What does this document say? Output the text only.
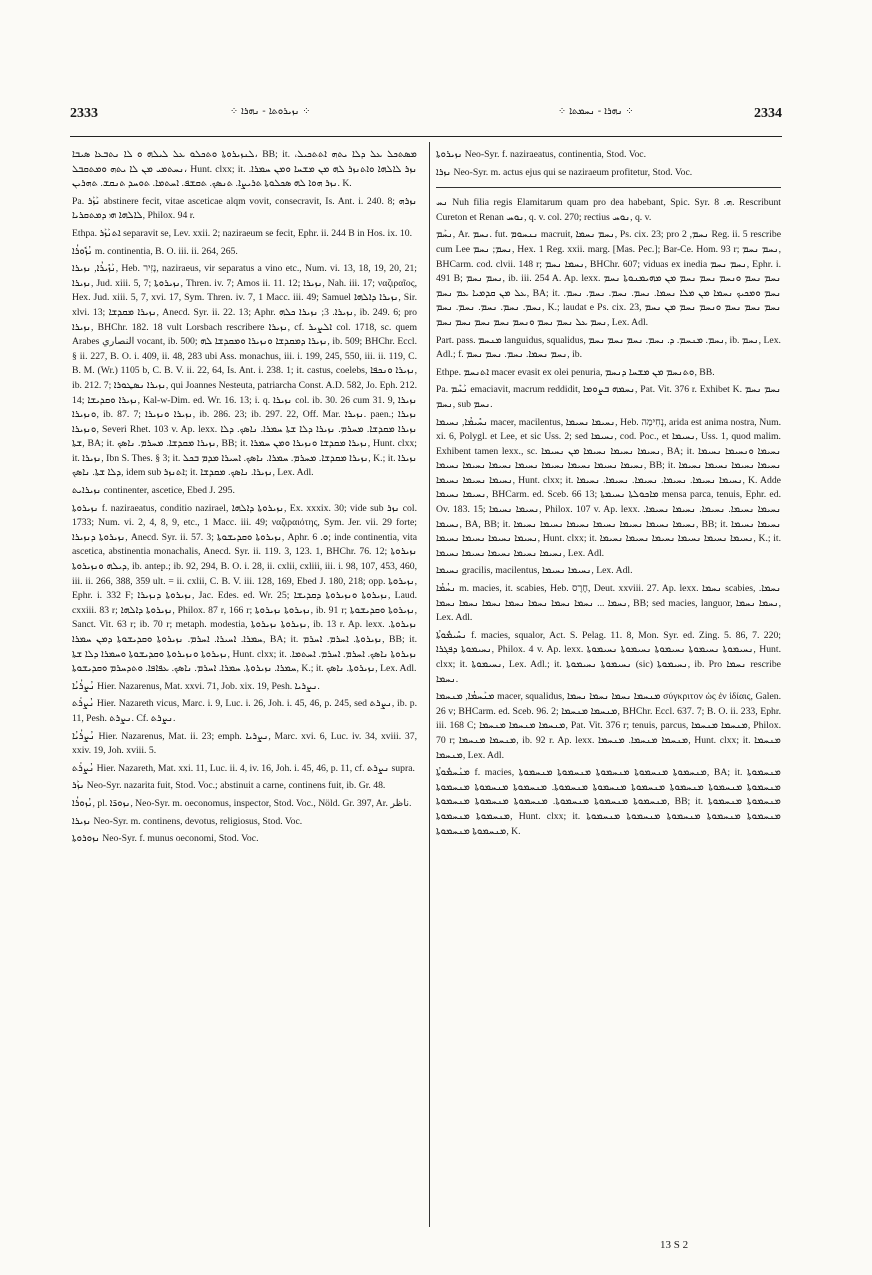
2333	⁘ ܢܙܝܪܘܬܐ - ܢܗܪܐ ⁘	⁘ ܢܗܪܐ - ܢܚܡܬܐ ⁘	2334

ܠܢܙܝܪܘܬܐ ܘܬܟܠܘ ܥܠ ܠܝܠܗ ܘ ܠܐ ܢܬܒܥܐ ܣܝܒܐ، BB; it. ܡܣܬܟܠ ܥܠ ܕܠܐ ܝܬܗ ܐܬܬܟܝܠ، ܢܚܬܡܝ ܡܢ ܠܐ ܝܬܗ ܘܡܬܩܒܠ، Hunt. clxx; it. ܢܙܪ ܠܐܠܗܐ ܘܐܬܢܙܪ ܠܗ ܡܢ ܡܫܚܐ ܘܡܢ ܚܡܪܐ. ܢܙܪ ܗܘܐ ܠܗ ܣܟܠܘܬܐ ܬܪܝܨܐ. ܬܢܣܟ. ܬܩܫܦ. ܐܚܬܡܐ. ܬܘܚܕ ܬܢܩܫ. ܬܗܪܝܢ. K.

Pa. ܢܰܙܰܪ abstinere fecit, vitae asceticae alqm vovit, consecravit, Is. Ant. i. 240. 8; ܢܙܪܗ ܠܐܠܗܐ ܗܝ ܕܡܬܩܪܝܐ, Philox. 94 r.

Ethpa. ܐܬܢܰܙܰܪ separavit se, Lev. xxii. 2; naziraeum se fecit, Ephr. ii. 244 B in Hos. ix. 10.

ܢܳܙܽܘܪܳܐ m. continentia, B. O. iii. ii. 264, 265.

ܢܰܙܺܝܪܳܐ, ܢܙܝܪܐ, Heb. נָזִיר, naziraeus, vir separatus a vino etc., Num. vi. 13, 18, 19, 20, 21; ܢܙܝܪܐ, Jud. xiii. 5, 7; ܢܙܝܪܘܬܐ, Thren. iv. 7; Amos ii. 11. 12; ܢܙܝܪܐ, Nah. iii. 17; ναζιραῖος, Hex. Jud. xiii. 5, 7, xvi. 17, Sym. Thren. iv. 7, 1 Macc. iii. 49; Samuel ܢܙܝܪܐ ܕܐܠܗܐ, Sir. xlvi. 13; ܢܙܝܪܐ ܡܩܕܫܐ, Anecd. Syr. ii. 22. 13; Aphr. ܢܙܝܪܐ. 3; ܢܙܝܪܐ ܟܠܗ, ib. 249. 6; pro ܢܙܝܪܐ, BHChr. 182. 18 vult Lorsbach rescribere ܢܙܝܪܐ, cf. ܐܠܨܝܪ col. 1718, sc. quem Arabes النصاري vocant, ib. 500; ܢܙܝܪܐ ܕܡܩܕܫܐ ܘܢܙܝܪܐ ܘܡܩܕܫܐ ܠܗ, ib. 509; BHChr. Eccl. § ii. 227, B. O. i. 409, ii. 48, 283 ubi Ass. monachus, iii. i. 199, 245, 550, iii. ii. 119, C. B. M. (Wr.) 1105 b, C. B. V. ii. 22, 64, Is. Ant. i. 238. 1; it. castus, coelebs, ܢܙܝܪܐ ܘܢܟܦܐ, ib. 212. 7; ܢܙܝܪܐ ܢܣܛܘܪܐ, qui Joannes Nesteuta, patriarcha Const. A.D. 582, Jo. Eph. 212. 14; ܢܙܝܪܐ ܘܩܕܝܫܐ, Kal-w-Dim. ed. Wr. 16. 13; i. q. ܢܙܝܪܐ col. ib. 30. 26 cum 31. 9, ܢܙܝܪܐ ܘܢܙܝܪܐ, ib. 87. 7; ܢܙܝܪܐ ܘܢܙܝܪܐ, ib. 286. 23; ib. 297. 22, Off. Mar. ܢܙܝܪܐ. paen.; ܢܙܝܪܐ ܘܢܙܝܪܐ, Severi Rhet. 103 v. Ap. lexx. ܢܙܝܪܐ ܡܩܕܫܐ. ܡܚܪܡ. ܢܙܝܪܐ ܕܠܐ ܫܬܐ ܚܡܪܐ. ܢܐܣܟ. ܕܠܐ ܫܬܐ, BA; it. ܢܙܝܪܐ ܡܩܕܫܐ. ܡܚܪܡ. ܢܐܣܟ, BB; it. ܢܙܝܪܐ ܡܩܕܫܐ ܘܢܙܝܪܐ ܘܡܢ ܚܡܪܐ, Hunt. clxx; it. ܢܙܝܪܐ, Ibn S. Thes. § 3; it. ܢܙܝܪܐ ܡܩܕܫܐ. ܡܚܪܡ. ܚܡܪܐ. ܢܐܣܟ. ܐܚܝܪܐ ܡܕܡ ܒܟܠ, K.; it. ܢܙܝܪܐ ܕܠܐ ܫܬܐ. ܢܐܣܟ, idem sub ܐܬܢܙܪ; it. ܢܙܝܪܐ. ܢܐܣܟ. ܡܩܕܫܐ, Lex. Adl.

ܢܙܝܪܐܝܬ continenter, ascetice, Ebed J. 295.

ܢܙܝܪܘܬܐ f. naziraeatus, conditio nazirael, ܢܙܝܪܘܬܐ ܕܐܠܗܐ, Ex. xxxix. 30; vide sub ܢܙܪ col. 1733; Num. vi. 2, 4, 8, 9, etc., 1 Macc. iii. 49; ναζιραιότης, Sym. Jer. vii. 29 forte; ܢܙܝܪܘܬܐ ܕܢܙܝܪܐ, Anecd. Syr. ii. 57. 3; ܢܙܝܪܘܬܐ ܘܩܕܝܫܘܬܐ, Aphr. ܘ. 6; inde continentia, vita ascetica, abstinentia monachalis, Anecd. Syr. ii. 119. 3, 123. 1, BHChr. 76. 12; ܢܙܝܪܘܬܐ ܕܝܠܗ ܘܢܙܝܪܘܬܐ, ib. antep.; ib. 92, 294, B. O. i. 28, ii. cxlii, cxliii, iii. i. 98, 107, 453, 460, iii. ii. 266, 388, 359 ult. = ii. cxlii, C. B. V. iii. 128, 169, Ebed J. 180, 218; opp. ܢܙܝܪܘܬܐ, Ephr. i. 332 F; ܢܙܝܪܘܬܐ ܕܢܙܝܪܐ, Jac. Edes. ed. Wr. 25; ܢܙܝܪܘܬܐ ܘܢܙܝܪܘܬܐ ܕܩܕܝܫܐ, Laud. cxxiii. 83 r; ܢܙܝܪܘܬܐ ܕܐܠܗܐ, Philox. 87 r, 166 r; ܢܙܝܪܘܬܐ ܢܙܝܪܘܬܐ, ib. 91 r; ܢܙܝܪܘܬܐ ܘܩܕܝܫܘܬܐ, Sanct. Vit. 63 r; ib. 70 r; metaph. modestia, ܢܙܝܪܘܬܐ ܢܙܝܪܘܬܐ, ib. 13 r. Ap. lexx. ܢܙܝܪܘܬܐ. ܚܡܪܐ. ܐܚܝܪܐ. ܐܚܪܡ. ܢܙܝܪܘܬܐ ܘܩܕܝܫܘܬܐ ܕܡܢ ܚܡܪܐ, BA; it. ܢܙܝܪܘܬܐ. ܐܚܪܡ. ܐܚܪܡ, BB; it. ܢܙܝܪܘܬܐ ܘܢܙܝܪܘܬܐ ܘܩܕܝܫܘܬܐ ܘܚܡܪܐ ܕܠܐ ܫܬܐ, Hunt. clxx; it. ܢܙܝܪܘܬܐ ܢܐܣܟ. ܐܚܪܡ. ܐܚܪܡ. ܐܚܬܡܐ. ܚܡܪܐ. ܢܙܝܪܘܬܐ. ܚܡܪܐ. ܐܚܪܡ. ܢܐܣܟ. ܥܦܐܦܐ. ܘܬܕܚܪܡ ܘܩܕܝܫܘܬܐ, K.; it. ܢܙܝܪܘܬܐ. ܢܐܣܟ, Lex. Adl.

ܢܳܨܪܳܝܳܐ Hier. Nazarenus, Mat. xxvi. 71, Job. xix. 19, Pesh. ܢܨܪܝܐ.

ܢܳܨܪܰܬ Hier. Nazareth vicus, Marc. i. 9, Luc. i. 26, Joh. i. 45, 46, p. 245, sed ܢܨܪܬ, ib. p. 11, Pesh. ܢܨܪܬ. Cf. ܢܨܪܬ.

ܢܳܨܪܳܝܳܐ Hier. Nazarenus, Mat. ii. 23; emph. ܢܨܪܝܐ, Marc. xvi. 6, Luc. iv. 34, xviii. 37, xxiv. 19, Joh. xviii. 5.

ܢܳܨܪܰܬ Hier. Nazareth, Mat. xxi. 11, Luc. ii. 4, iv. 16, Joh. i. 45, 46, p. 11, cf. ܢܨܪܬ supra.

ܢܙܰܪ Neo-Syr. nazarita fuit, Stod. Voc.; abstinuit a carne, continens fuit, ib. Gr. 48.

ܢܳܙܘܪܳܐ, pl. ܢܙܘܪ̈ܐ, Neo-Syr. m. oeconomus, inspector, Stod. Voc., Nöld. Gr. 397, Ar. ناظر.

ܢܙܝܪܐ Neo-Syr. m. continens, devotus, religiosus, Stod. Voc.

ܢܙܘܪܘܬܐ Neo-Syr. f. munus oeconomi, Stod. Voc.

ܢܙܝܪܘܬܐ Neo-Syr. f. naziraeatus, continentia, Stod. Voc.

ܢܙܪܐ Neo-Syr. m. actus ejus qui se naziraeum profitetur, Stod. Voc.

ܢܚ Nuh filia regis Elamitarum quam pro dea habebant, Spic. Syr. ܗ. 8. Rescribunt Cureton et Renan ܢܘܚ, q. v. col. 270; rectius ܢܘܚ, q. v.

ܢܚܰܡ, Ar. ܢܚܡ. fut. ܢܢܚܘܡ macruit, ܢܚܡ ܢܚܡܐ, Ps. cix. 23; pro ܢܚܡ, 2 Reg. ii. 5 rescribe cum Lee ܢܚܡ; ܢܚܡ, Hex. 1 Reg. xxii. marg. [Mas. Pec.]; Bar-Ce. Hom. 93 r; ܢܚܡ ܢܚܡ, BHCarm. cod. clvii. 148 r; ܢܚܡܐ ܢܚܡ, BHChr. 607; viduas ex inedia ܢܚܡ ܢܚܡ, Ephr. i. 491 B; ܢܚܡ ܢܚܡ, ib. iii. 254 A. Ap. lexx. ܢܚܡ ܢܚܡ ܘܢܚܡ ܢܚܡ ܢܚܡ ܡܢ ܡܗܝܡܢܘܬܐ ܢܚܡ ܥܠ ܡܢ ܩܕܡܝܐ ܥܡ ܢܚܡ, BA; it. ܢܚܡ ܘܡܟܝܟ ܢܚܡܐ ܡܢ ܡܠܐ ܢܚܡܐ. ܢܚܡ. ܢܚܡ. ܢܚܡ. ܢܚܡ. ܢܚܡ. ܢܚܡ. ܢܚܡ. ܢܚܡ. ܢܚܡ, K.; laudat e Ps. cix. 23, ܢܚܡ ܢܚܡ ܢܚܡ ܘܢܚܡ ܢܚܡ ܡܢ ܢܚܡ ܢܚܡ ܥܠ ܢܚܡ ܢܚܡ ܘܢܚܡ ܢܚܡ ܢܚܡ ܢܚܡ ܢܚܡ, Lex. Adl.

Part. pass. ܡܢܚܡ languidus, squalidus, ܢܚܡ. ܡܢܚܡ. ܕ. ܢܚܡ. ܢܚܡ ܢܚܡ ܢܚܡ, ib. ܢܚܡ, Lex. Adl.; f. ܢܚܡ ܢܚܡܐ. ܢܚܡ. ܢܚܡ ܢܚܡ, ib.

Ethpe. ܐܬܢܚܡ macer evasit ex olei penuria, ܘܬܢܚܡ ܡܢ ܡܫܚܐ ܕܢܚܡ, BB.

Pa. ܢܰܚܶܡ emaciavit, macrum reddidit, ܢܚܡܗ ܒܨܘܡܐ, Pat. Vit. 376 r. Exhibet K. ܢܚܡ ܢܚܡ ܢܚܡ, sub ܢܚܡ.

ܢܚܺܝܡܳܐ, ܢܚܝܡܐ macer, macilentus, ܢܚܝܡܐ ܢܚܝܡܐ, Heb. נְחִימָה, arida est anima nostra, Num. xi. 6, Polygl. et Lee, et sic Uss. 2; sed ܢܚܝܡܐ, cod. Poc., et ܢܚܝܡܐ, Uss. 1, quod malim. Exhibent tamen lexx., sc. ܢܚܝܡܐ ܢܚܝܡܐ ܢܚܝܡܐ ܡܢ ܢܚܝܡܐ, BA; it. ܢܚܝܡܐ ܘܢܚܝܡܐ ܢܚܝܡܐ ܢܚܝܡܐ ܢܚܝܡܐ ܢܚܝܡܐ ܢܚܝܡܐ ܢܚܝܡܐ ܢܚܝܡܐ ܢܚܝܡܐ ܢܚܝܡܐ, BB; it. ܢܚܝܡܐ ܢܚܝܡܐ ܢܚܝܡܐ ܢܚܝܡܐ ܢܚܝܡܐ ܢܚܝܡܐ ܢܚܝܡܐ, Hunt. clxx; it. ܢܚܝܡܐ ܢܚܝܡܐ. ܢܚܝܡܐ. ܢܚܝܡܐ. ܢܚܝܡܐ. ܢܚܝܡܐ, K. Adde ܢܚܝܡܐ ܢܚܝܡܐ, BHCarm. ed. Sceb. 66 13; ܡܐܟܘܠܬܐ ܢܚܝܡܬܐ mensa parca, tenuis, Ephr. ed. Ov. 183. 15; ܢܚܝܡܐ ܢܚܝܡܐ, Philox. 107 v. Ap. lexx. ܢܚܝܡܐ ܢܚܝܡܐ. ܢܚܝܡܐ. ܢܚܝܡܐ ܢܚܝܡܐ. ܢܚܝܡܐ, BA, BB; it. ܢܚܝܡܐ ܢܚܝܡܐ ܢܚܝܡܐ ܢܚܝܡܐ ܢܚܝܡܐ ܢܚܝܡܐ ܢܚܝܡܐ, BB; it. ܢܚܝܡܐ ܢܚܝܡܐ ܢܚܝܡܐ ܢܚܝܡܐ ܢܚܝܡܐ ܢܚܝܡܐ, Hunt. clxx; it. ܢܚܝܡܐ ܢܚܝܡܐ ܢܚܝܡܐ ܢܚܝܡܐ ܢܚܝܡܐ ܢܚܝܡܐ, K.; it. ܢܚܝܡܐ ܢܚܝܡܐ ܢܚܝܡܐ ܢܚܝܡܐ ܢܚܝܡܐ, Lex. Adl.

ܢܚܝܡܐ gracilis, macilentus, ܢܚܝܡܐ ܢܚܝܡܐ, Lex. Adl.

ܢܚܳܡܳܐ m. macies, it. scabies, Heb. חֶרֶס, Deut. xxviii. 27. Ap. lexx. ܢܚܡܐ scabies, ܢܚܡܐ. ܢܚܡܐ ... ܢܚܡܐ ܢܚܡܐ ܢܚܡܐ ܢܚܡܐ ܢܚܡܐ ܢܚܡܐ ܢܚܡܐ, BB; sed macies, languor, ܢܚܡܐ ܢܚܡܐ, Lex. Adl.

ܢܚܺܝܡܽܘܬܳܐ f. macies, squalor, Act. S. Pelag. 11. 8, Mon. Syr. ed. Zing. 5. 86, 7. 220; ܢܚܝܡܘܬܐ ܕܦܓܪܐ, Philox. 4 v. Ap. lexx. ܢܚܝܡܘܬܐ ܢܚܝܡܘܬܐ ܢܚܝܡܘܬܐ ܢܚܝܡܘܬܐ ܢܚܝܡܘܬܐ, Hunt. clxx; it. ܢܚܝܡܘܬܐ, Lex. Adl.; it. ܢܚܝܡܘܬܐ ܢܚܝܡܘܬܐ (sic) ܢܚܝܡܘܬܐ, ib. Pro ܢܚܡܐ rescribe ܢܚܡܐ.

ܡܢܰܚܡܳܐ, ܡܢܚܡܐ macer, squalidus, ܡܢܚܡܐ ܢܚܡܐ ܢܚܡܐ ܢܚܡܐ σύγκριτον ὡς ἐν ἰδίαις, Galen. 26 v; BHCarm. ed. Sceb. 96. 2; ܡܢܚܡܐ ܡܢܚܡܐ, BHChr. Eccl. 637. 7; B. O. ii. 233, Ephr. iii. 168 C; ܡܢܚܡܐ ܡܢܚܡܐ ܡܢܚܡܐ, Pat. Vit. 376 r; tenuis, parcus, ܡܢܚܡܐ ܡܢܚܡܐ, Philox. 70 r; ܡܢܚܡܐ ܡܢܚܡܐ, ib. 92 r. Ap. lexx. ܡܢܚܡܐ ܡܢܚܡܐ. ܡܢܚܡܐ, Hunt. clxx; it. ܡܢܚܡܐ ܡܢܚܡܐ, Lex. Adl.

ܡܢܰܚܡܽܘܬܳܐ f. macies, ܡܢܚܡܘܬܐ ܡܢܚܡܘܬܐ ܡܢܚܡܘܬܐ ܡܢܚܡܘܬܐ ܡܢܚܡܘܬܐ, BA; it. ܡܢܚܡܘܬܐ ܡܢܚܡܘܬܐ ܡܢܚܡܘܬܐ ܡܢܚܡܘܬܐ ܡܢܚܡܘܬܐ ܡܢܚܡܘܬܐ ܡܢܚܡܘܬܐ. ܡܢܚܡܘܬܐ ܡܢܚܡܘܬܐ ܡܢܚܡܘܬܐ ܡܢܚܡܘܬܐ ܡܢܚܡܘܬܐ ܡܢܚܡܘܬܐ. ܡܢܚܡܘܬܐ ܡܢܚܡܘܬܐ ܡܢܚܡܘܬܐ, BB; it. ܡܢܚܡܘܬܐ ܡܢܚܡܘܬܐ ܡܢܚܡܘܬܐ ܡܢܚܡܘܬܐ, Hunt. clxx; it. ܡܢܚܡܘܬܐ ܡܢܚܡܘܬܐ ܡܢܚܡܘܬܐ ܡܢܚܡܘܬܐ ܡܢܚܡܘܬܐ ܡܢܚܡܘܬܐ ܡܢܚܡܘܬܐ, K.

13 S 2
